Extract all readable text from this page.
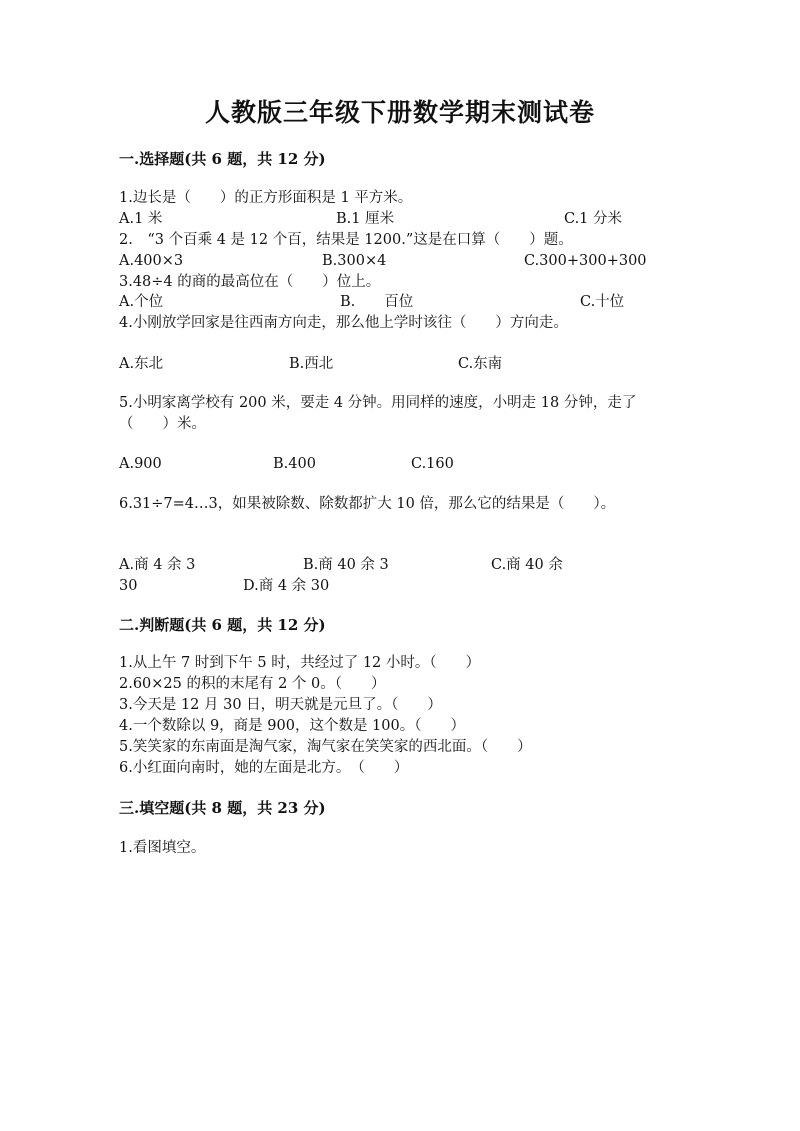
人教版三年级下册数学期末测试卷
一.选择题(共 6 题，共 12 分)
1.边长是（　　）的正方形面积是 1 平方米。
A.1 米	B.1 厘米	C.1 分米
2.　“3 个百乘 4 是 12 个百，结果是 1200.”这是在口算（　　）题。
A.400×3	B.300×4	C.300+300+300
3.48÷4 的商的最高位在（　　）位上。
A.个位	B.　　百位	C.十位
4.小刚放学回家是往西南方向走，那么他上学时该往（　　）方向走。
A.东北	B.西北	C.东南
5.小明家离学校有 200 米，要走 4 分钟。用同样的速度，小明走 18 分钟，走了
（　　）米。
A.900	B.400	C.160
6.31÷7=4…3，如果被除数、除数都扩大 10 倍，那么它的结果是（　　）。
A.商 4 余 3	B.商 40 余 3	C.商 40 余
30	D.商 4 余 30
二.判断题(共 6 题，共 12 分)
1.从上午 7 时到下午 5 时，共经过了 12 小时。（　　）
2.60×25 的积的末尾有 2 个 0。（　　）
3.今天是 12 月 30 日，明天就是元旦了。（　　）
4.一个数除以 9，商是 900，这个数是 100。（　　）
5.笑笑家的东南面是淘气家，淘气家在笑笑家的西北面。（　　）
6.小红面向南时，她的左面是北方。　（　　）
三.填空题(共 8 题，共 23 分)
1.看图填空。
